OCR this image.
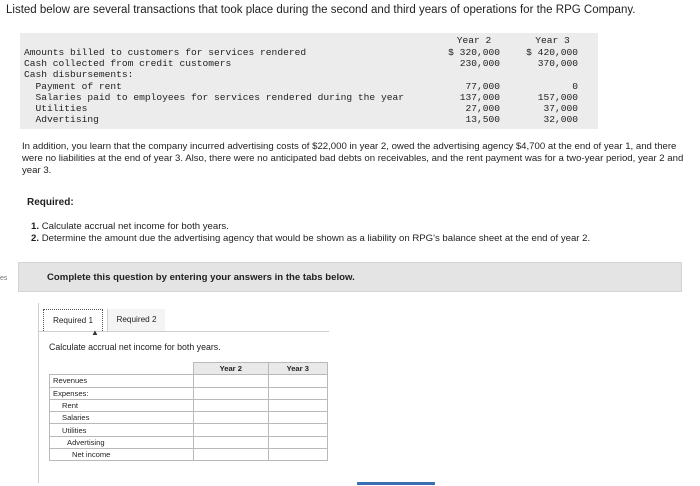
Listed below are several transactions that took place during the second and third years of operations for the RPG Company.
Year 2	Year 3
Amounts billed to customers for services rendered	$ 320,000	$ 420,000
Cash collected from credit customers	230,000	370,000
Cash disbursements:
Payment of rent	77,000	0
Salaries paid to employees for services rendered during the year	137,000	157,000
Utilities	27,000	37,000
Advertising	13,500	32,000
In addition, you learn that the company incurred advertising costs of $22,000 in year 2, owed the advertising agency $4,700 at the end of year 1, and there were no liabilities at the end of year 3. Also, there were no anticipated bad debts on receivables, and the rent payment was for a two-year period, year 2 and year 3.
Required:
1. Calculate accrual net income for both years.
2. Determine the amount due the advertising agency that would be shown as a liability on RPG's balance sheet at the end of year 2.
es	Complete this question by entering your answers in the tabs below.
Required 1	Required 2
▲
Calculate accrual net income for both years.
	Year 2	Year 3
Revenues		
Expenses:		
Rent		
Salaries		
Utilities		
Advertising		
Net income		
